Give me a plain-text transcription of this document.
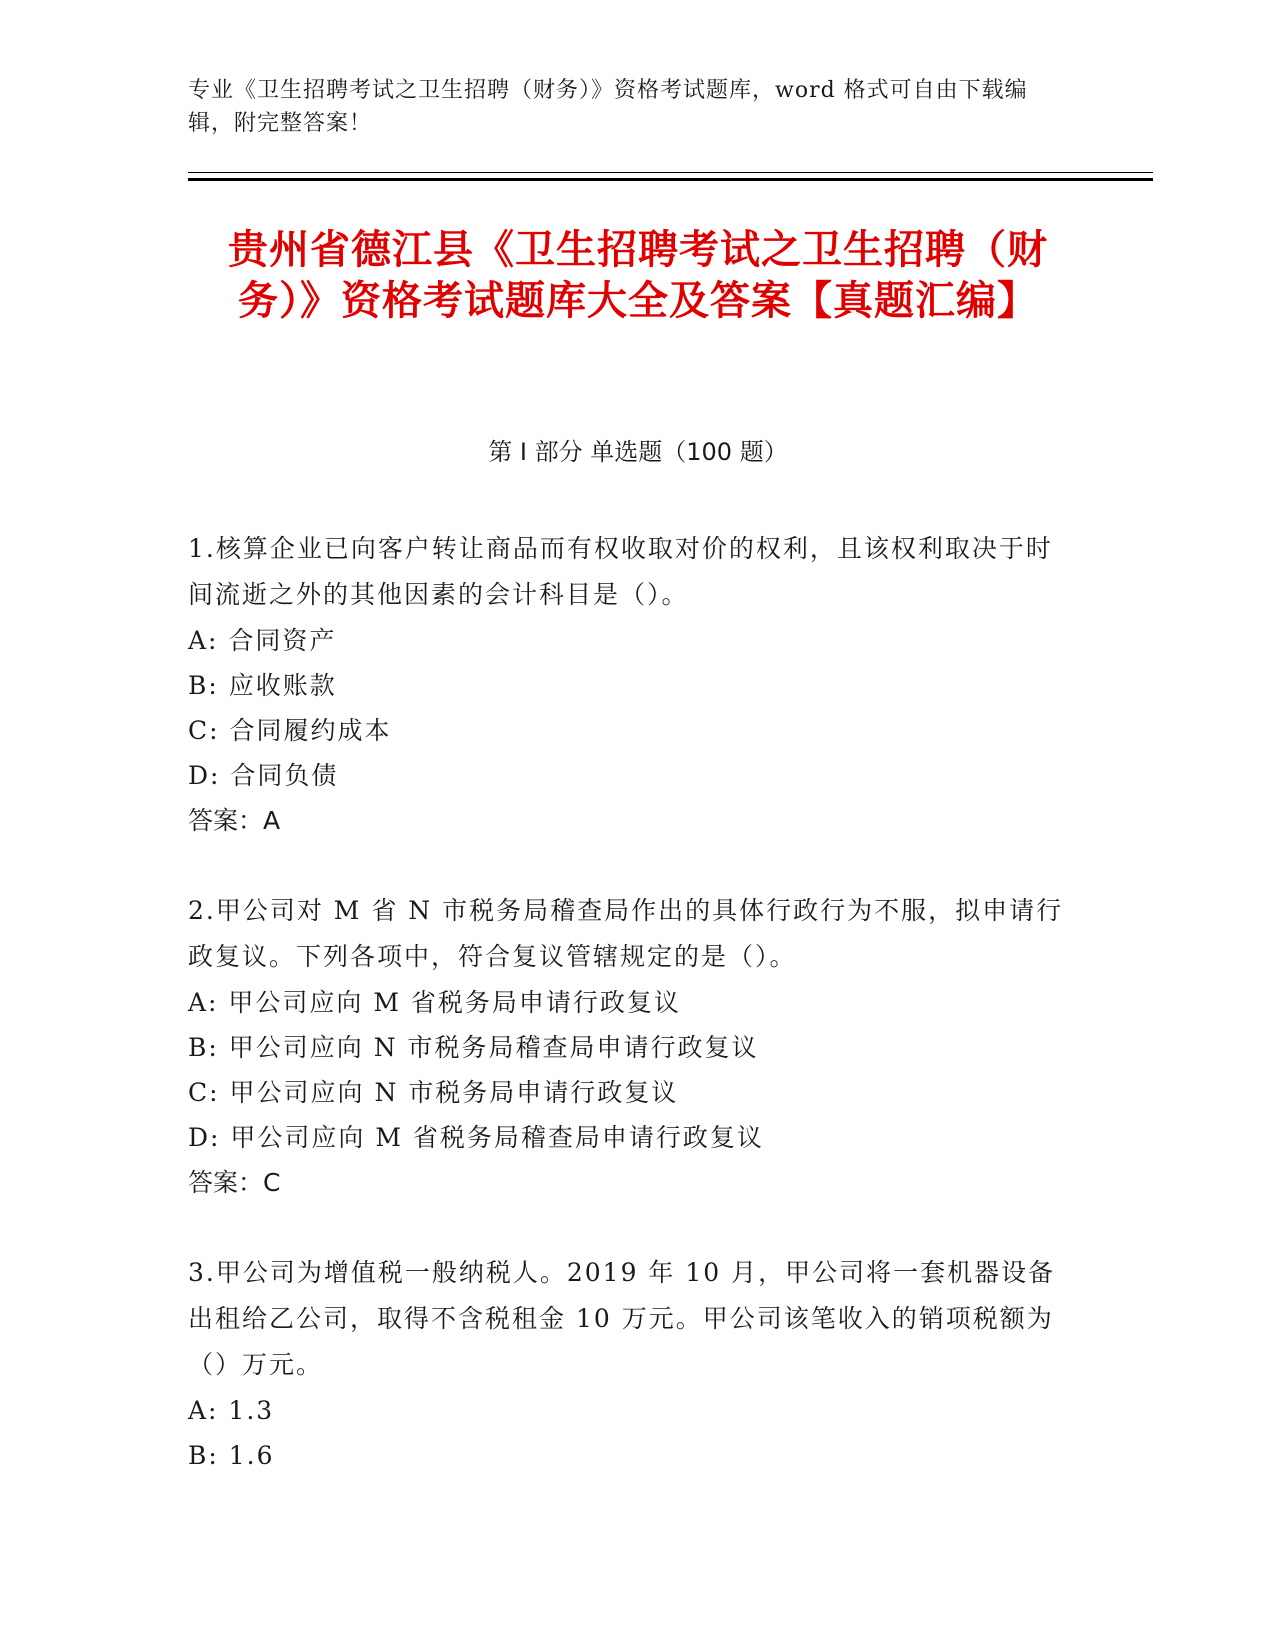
专业《卫生招聘考试之卫生招聘（财务）》资格考试题库，word 格式可自由下载编辑，附完整答案！
贵州省德江县《卫生招聘考试之卫生招聘（财务）》资格考试题库大全及答案【真题汇编】
第 I 部分 单选题（100 题）
1.核算企业已向客户转让商品而有权收取对价的权利，且该权利取决于时间流逝之外的其他因素的会计科目是（）。
A: 合同资产
B: 应收账款
C: 合同履约成本
D: 合同负债
答案：A
2.甲公司对 M 省 N 市税务局稽查局作出的具体行政行为不服，拟申请行政复议。下列各项中，符合复议管辖规定的是（）。
A: 甲公司应向 M 省税务局申请行政复议
B: 甲公司应向 N 市税务局稽查局申请行政复议
C: 甲公司应向 N 市税务局申请行政复议
D: 甲公司应向 M 省税务局稽查局申请行政复议
答案：C
3.甲公司为增值税一般纳税人。2019 年 10 月，甲公司将一套机器设备出租给乙公司，取得不含税租金 10 万元。甲公司该笔收入的销项税额为（）万元。
A: 1.3
B: 1.6
